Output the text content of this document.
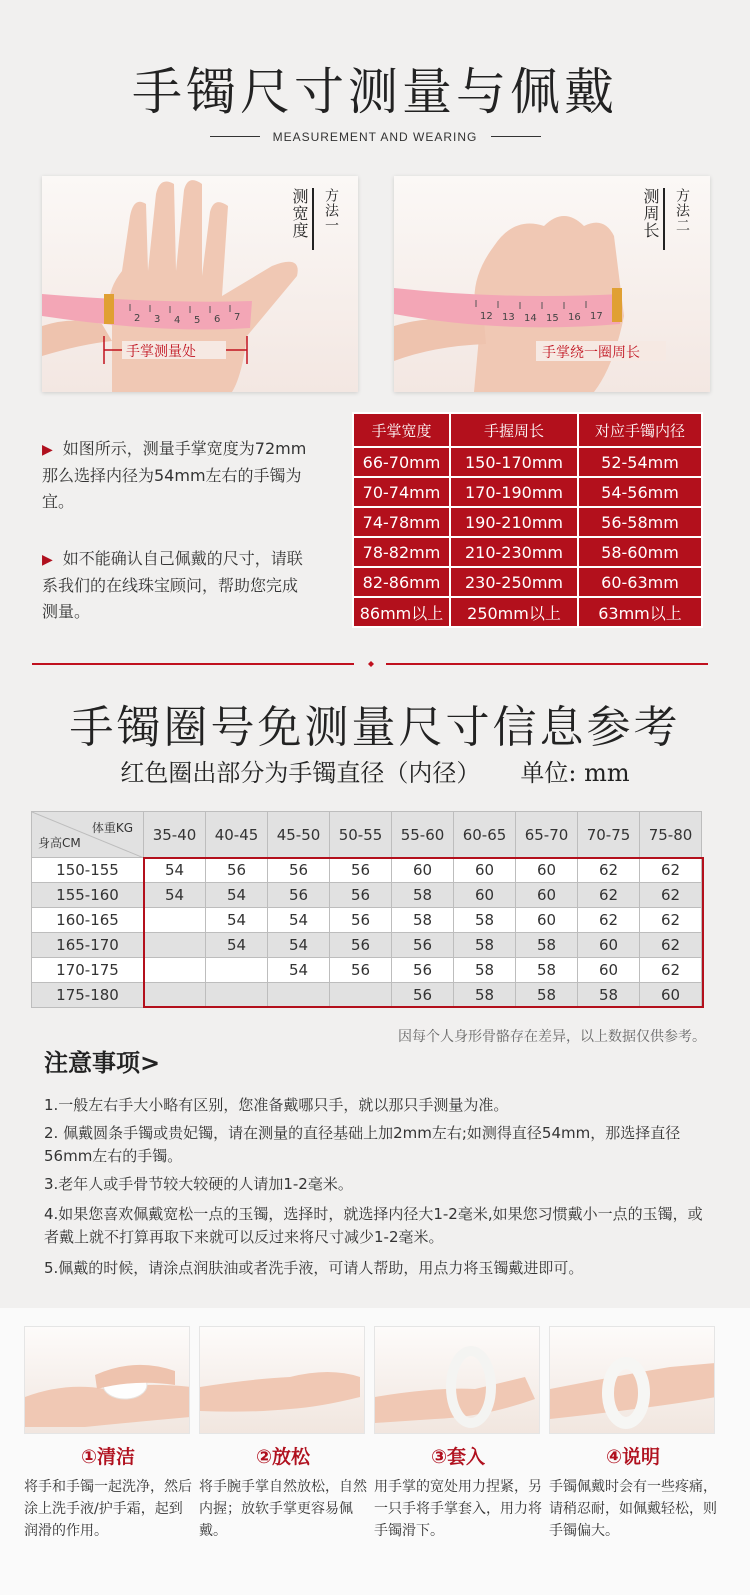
手镯尺寸测量与佩戴
MEASUREMENT AND WEARING
2 3 4 5 6 7
手掌测量处
测宽度	方法一
12 13 14 15 16 17
手掌绕一圈周长
测周长	方法二
▶ 如图所示，测量手掌宽度为72mm那么选择内径为54mm左右的手镯为宜。
▶ 如不能确认自己佩戴的尺寸，请联系我们的在线珠宝顾问，帮助您完成测量。
手掌宽度	手握周长	对应手镯内径
66-70mm	150-170mm	52-54mm
70-74mm	170-190mm	54-56mm
74-78mm	190-210mm	56-58mm
78-82mm	210-230mm	58-60mm
82-86mm	230-250mm	60-63mm
86mm以上	250mm以上	63mm以上
手镯圈号免测量尺寸信息参考
红色圈出部分为手镯直径（内径） 单位: mm
体重KG
身高CM	35-40	40-45	45-50	50-55	55-60	60-65	65-70	70-75	75-80
150-155	54	56	56	56	60	60	60	62	62
155-160	54	54	56	56	58	60	60	62	62
160-165		54	54	56	58	58	60	62	62
165-170		54	54	56	56	58	58	60	62
170-175			54	56	56	58	58	60	62
175-180					56	58	58	58	60
因每个人身形骨骼存在差异，以上数据仅供参考。
注意事项>
1.一般左右手大小略有区别，您准备戴哪只手，就以那只手测量为准。
2. 佩戴圆条手镯或贵妃镯，请在测量的直径基础上加2mm左右;如测得直径54mm，那选择直径56mm左右的手镯。
3.老年人或手骨节较大较硬的人请加1-2毫米。
4.如果您喜欢佩戴宽松一点的玉镯，选择时，就选择内径大1-2毫米,如果您习惯戴小一点的玉镯，或者戴上就不打算再取下来就可以反过来将尺寸减少1-2毫米。
5.佩戴的时候，请涂点润肤油或者洗手液，可请人帮助，用点力将玉镯戴进即可。
①清洁
将手和手镯一起洗净，然后涂上洗手液/护手霜，起到润滑的作用。
②放松
将手腕手掌自然放松，自然内握；放软手掌更容易佩戴。
③套入
用手掌的宽处用力捏紧，另一只手将手掌套入，用力将手镯滑下。
④说明
手镯佩戴时会有一些疼痛，请稍忍耐，如佩戴轻松，则手镯偏大。
